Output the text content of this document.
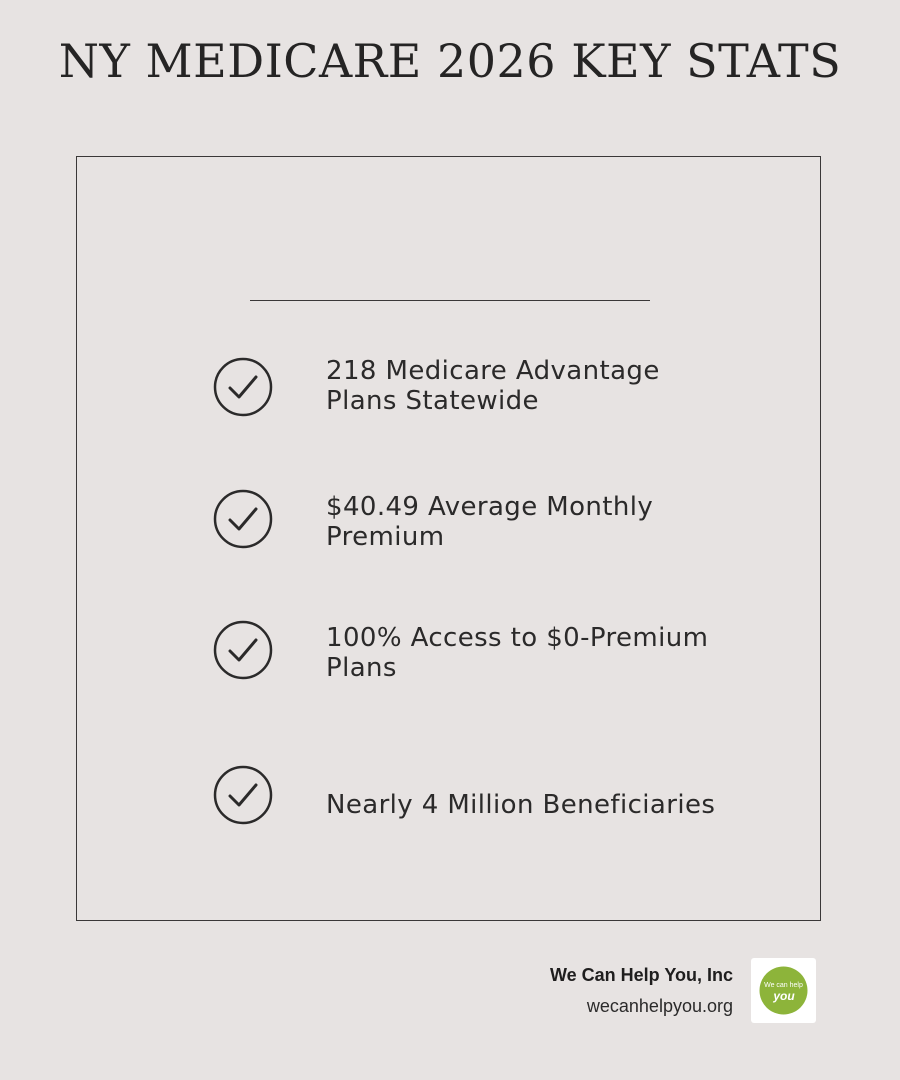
NY MEDICARE 2026 KEY STATS
218 Medicare Advantage
Plans Statewide
$40.49 Average Monthly
Premium
100% Access to $0-Premium
Plans
Nearly 4 Million Beneficiaries
We Can Help You, Inc
wecanhelpyou.org
We can help
you
